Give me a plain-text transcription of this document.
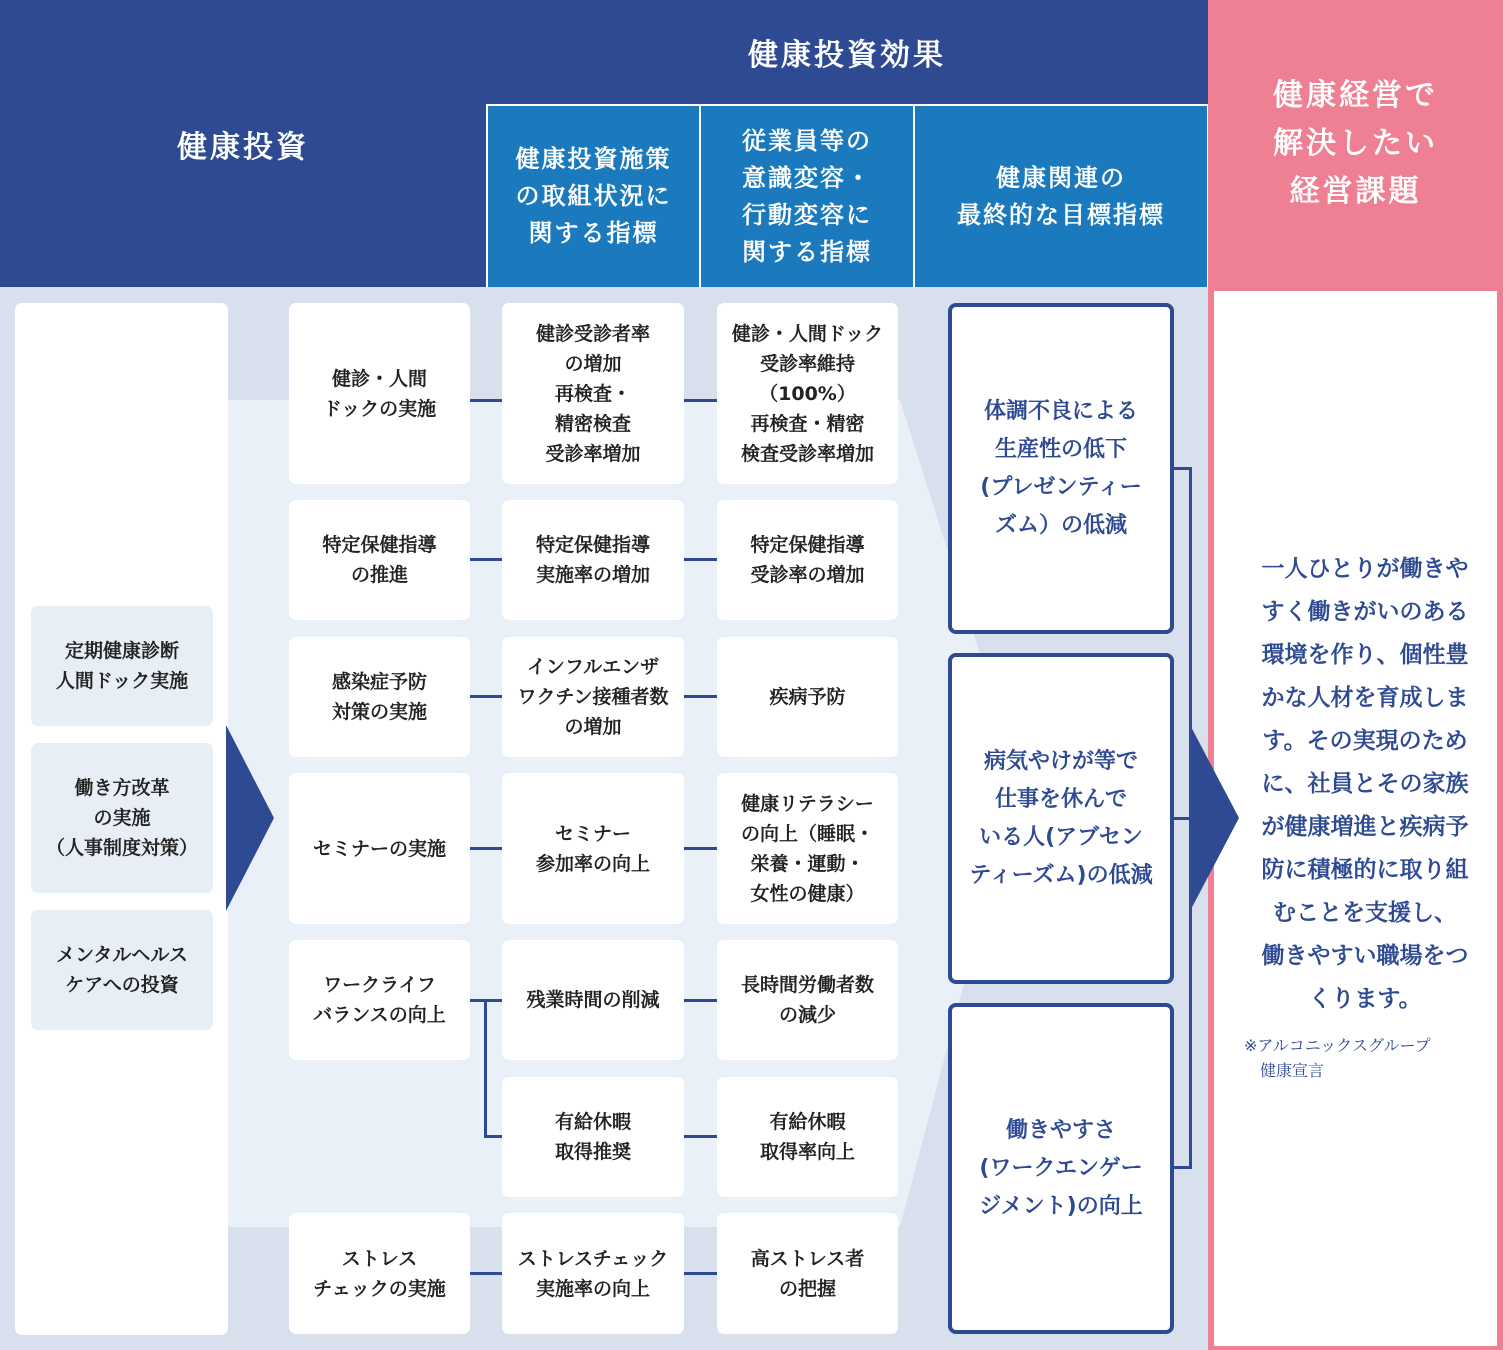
健康投資
健康投資効果
健康投資施策
の取組状況に
関する指標
従業員等の
意識変容・
行動変容に
関する指標
健康関連の
最終的な目標指標
健康経営で
解決したい
経営課題
定期健康診断
人間ドック実施
働き方改革
の実施
（人事制度対策）
メンタルヘルス
ケアへの投資
健診・人間
ドックの実施
特定保健指導
の推進
感染症予防
対策の実施
セミナーの実施
ワークライフ
バランスの向上
ストレス
チェックの実施
健診受診者率
の増加
再検査・
精密検査
受診率増加
特定保健指導
実施率の増加
インフルエンザ
ワクチン接種者数
の増加
セミナー
参加率の向上
残業時間の削減
有給休暇
取得推奨
ストレスチェック
実施率の向上
健診・人間ドック
受診率維持
（100%）
再検査・精密
検査受診率増加
特定保健指導
受診率の増加
疾病予防
健康リテラシー
の向上（睡眠・
栄養・運動・
女性の健康）
長時間労働者数
の減少
有給休暇
取得率向上
高ストレス者
の把握
体調不良による
生産性の低下
(プレゼンティー
ズム）の低減
病気やけが等で
仕事を休んで
いる人(アブセン
ティーズム)の低減
働きやすさ
(ワークエンゲー
ジメント)の向上
一人ひとりが働きや
すく働きがいのある
環境を作り、個性豊
かな人材を育成しま
す。その実現のため
に、社員とその家族
が健康増進と疾病予
防に積極的に取り組
むことを支援し、
働きやすい職場をつ
くります。
※アルコニックスグループ
　健康宣言
